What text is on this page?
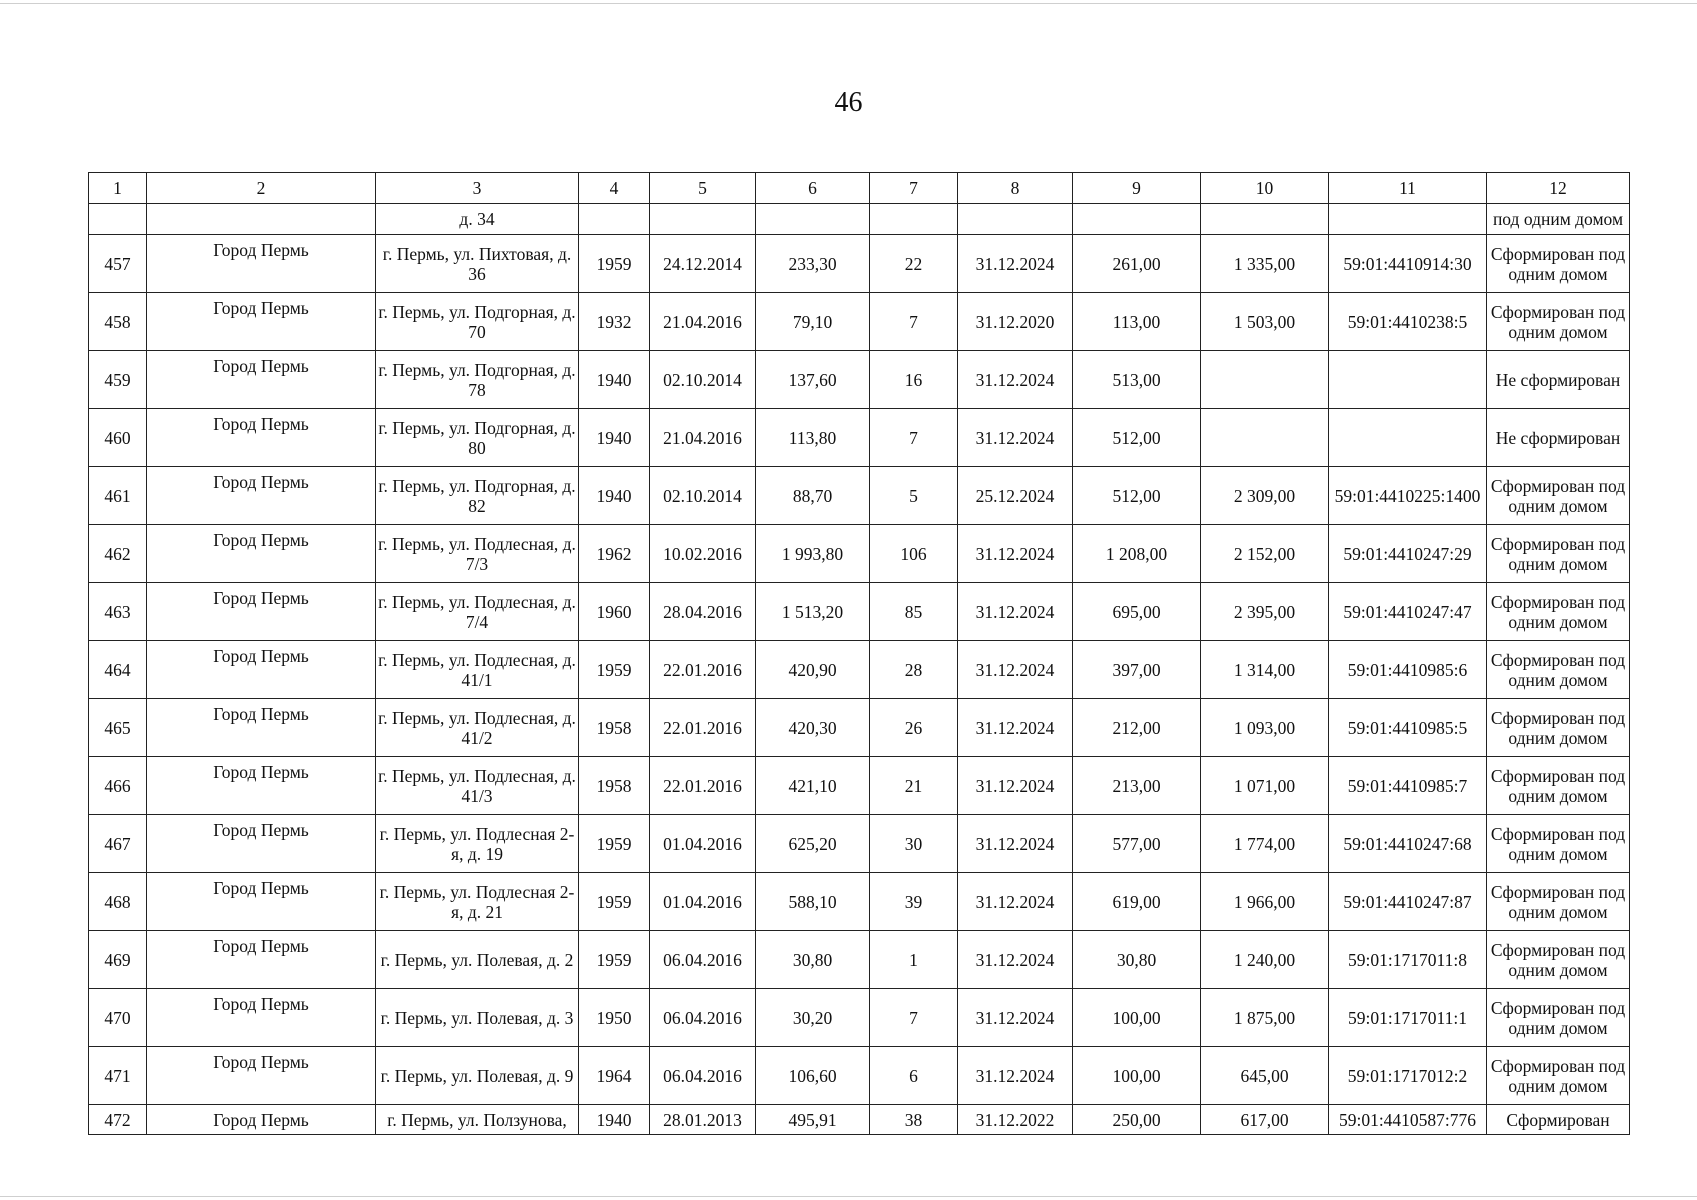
46
1	2	3	4	5	6	7	8	9	10	11	12
		д. 34									под одним домом
457	Город Пермь	г. Пермь, ул. Пихтовая, д. 36	1959	24.12.2014	233,30	22	31.12.2024	261,00	1 335,00	59:01:4410914:30	Сформирован под одним домом
458	Город Пермь	г. Пермь, ул. Подгорная, д. 70	1932	21.04.2016	79,10	7	31.12.2020	113,00	1 503,00	59:01:4410238:5	Сформирован под одним домом
459	Город Пермь	г. Пермь, ул. Подгорная, д. 78	1940	02.10.2014	137,60	16	31.12.2024	513,00			Не сформирован
460	Город Пермь	г. Пермь, ул. Подгорная, д. 80	1940	21.04.2016	113,80	7	31.12.2024	512,00			Не сформирован
461	Город Пермь	г. Пермь, ул. Подгорная, д. 82	1940	02.10.2014	88,70	5	25.12.2024	512,00	2 309,00	59:01:4410225:1400	Сформирован под одним домом
462	Город Пермь	г. Пермь, ул. Подлесная, д. 7/3	1962	10.02.2016	1 993,80	106	31.12.2024	1 208,00	2 152,00	59:01:4410247:29	Сформирован под одним домом
463	Город Пермь	г. Пермь, ул. Подлесная, д. 7/4	1960	28.04.2016	1 513,20	85	31.12.2024	695,00	2 395,00	59:01:4410247:47	Сформирован под одним домом
464	Город Пермь	г. Пермь, ул. Подлесная, д. 41/1	1959	22.01.2016	420,90	28	31.12.2024	397,00	1 314,00	59:01:4410985:6	Сформирован под одним домом
465	Город Пермь	г. Пермь, ул. Подлесная, д. 41/2	1958	22.01.2016	420,30	26	31.12.2024	212,00	1 093,00	59:01:4410985:5	Сформирован под одним домом
466	Город Пермь	г. Пермь, ул. Подлесная, д. 41/3	1958	22.01.2016	421,10	21	31.12.2024	213,00	1 071,00	59:01:4410985:7	Сформирован под одним домом
467	Город Пермь	г. Пермь, ул. Подлесная 2-я, д. 19	1959	01.04.2016	625,20	30	31.12.2024	577,00	1 774,00	59:01:4410247:68	Сформирован под одним домом
468	Город Пермь	г. Пермь, ул. Подлесная 2-я, д. 21	1959	01.04.2016	588,10	39	31.12.2024	619,00	1 966,00	59:01:4410247:87	Сформирован под одним домом
469	Город Пермь	г. Пермь, ул. Полевая, д. 2	1959	06.04.2016	30,80	1	31.12.2024	30,80	1 240,00	59:01:1717011:8	Сформирован под одним домом
470	Город Пермь	г. Пермь, ул. Полевая, д. 3	1950	06.04.2016	30,20	7	31.12.2024	100,00	1 875,00	59:01:1717011:1	Сформирован под одним домом
471	Город Пермь	г. Пермь, ул. Полевая, д. 9	1964	06.04.2016	106,60	6	31.12.2024	100,00	645,00	59:01:1717012:2	Сформирован под одним домом
472	Город Пермь	г. Пермь, ул. Ползунова,	1940	28.01.2013	495,91	38	31.12.2022	250,00	617,00	59:01:4410587:776	Сформирован
